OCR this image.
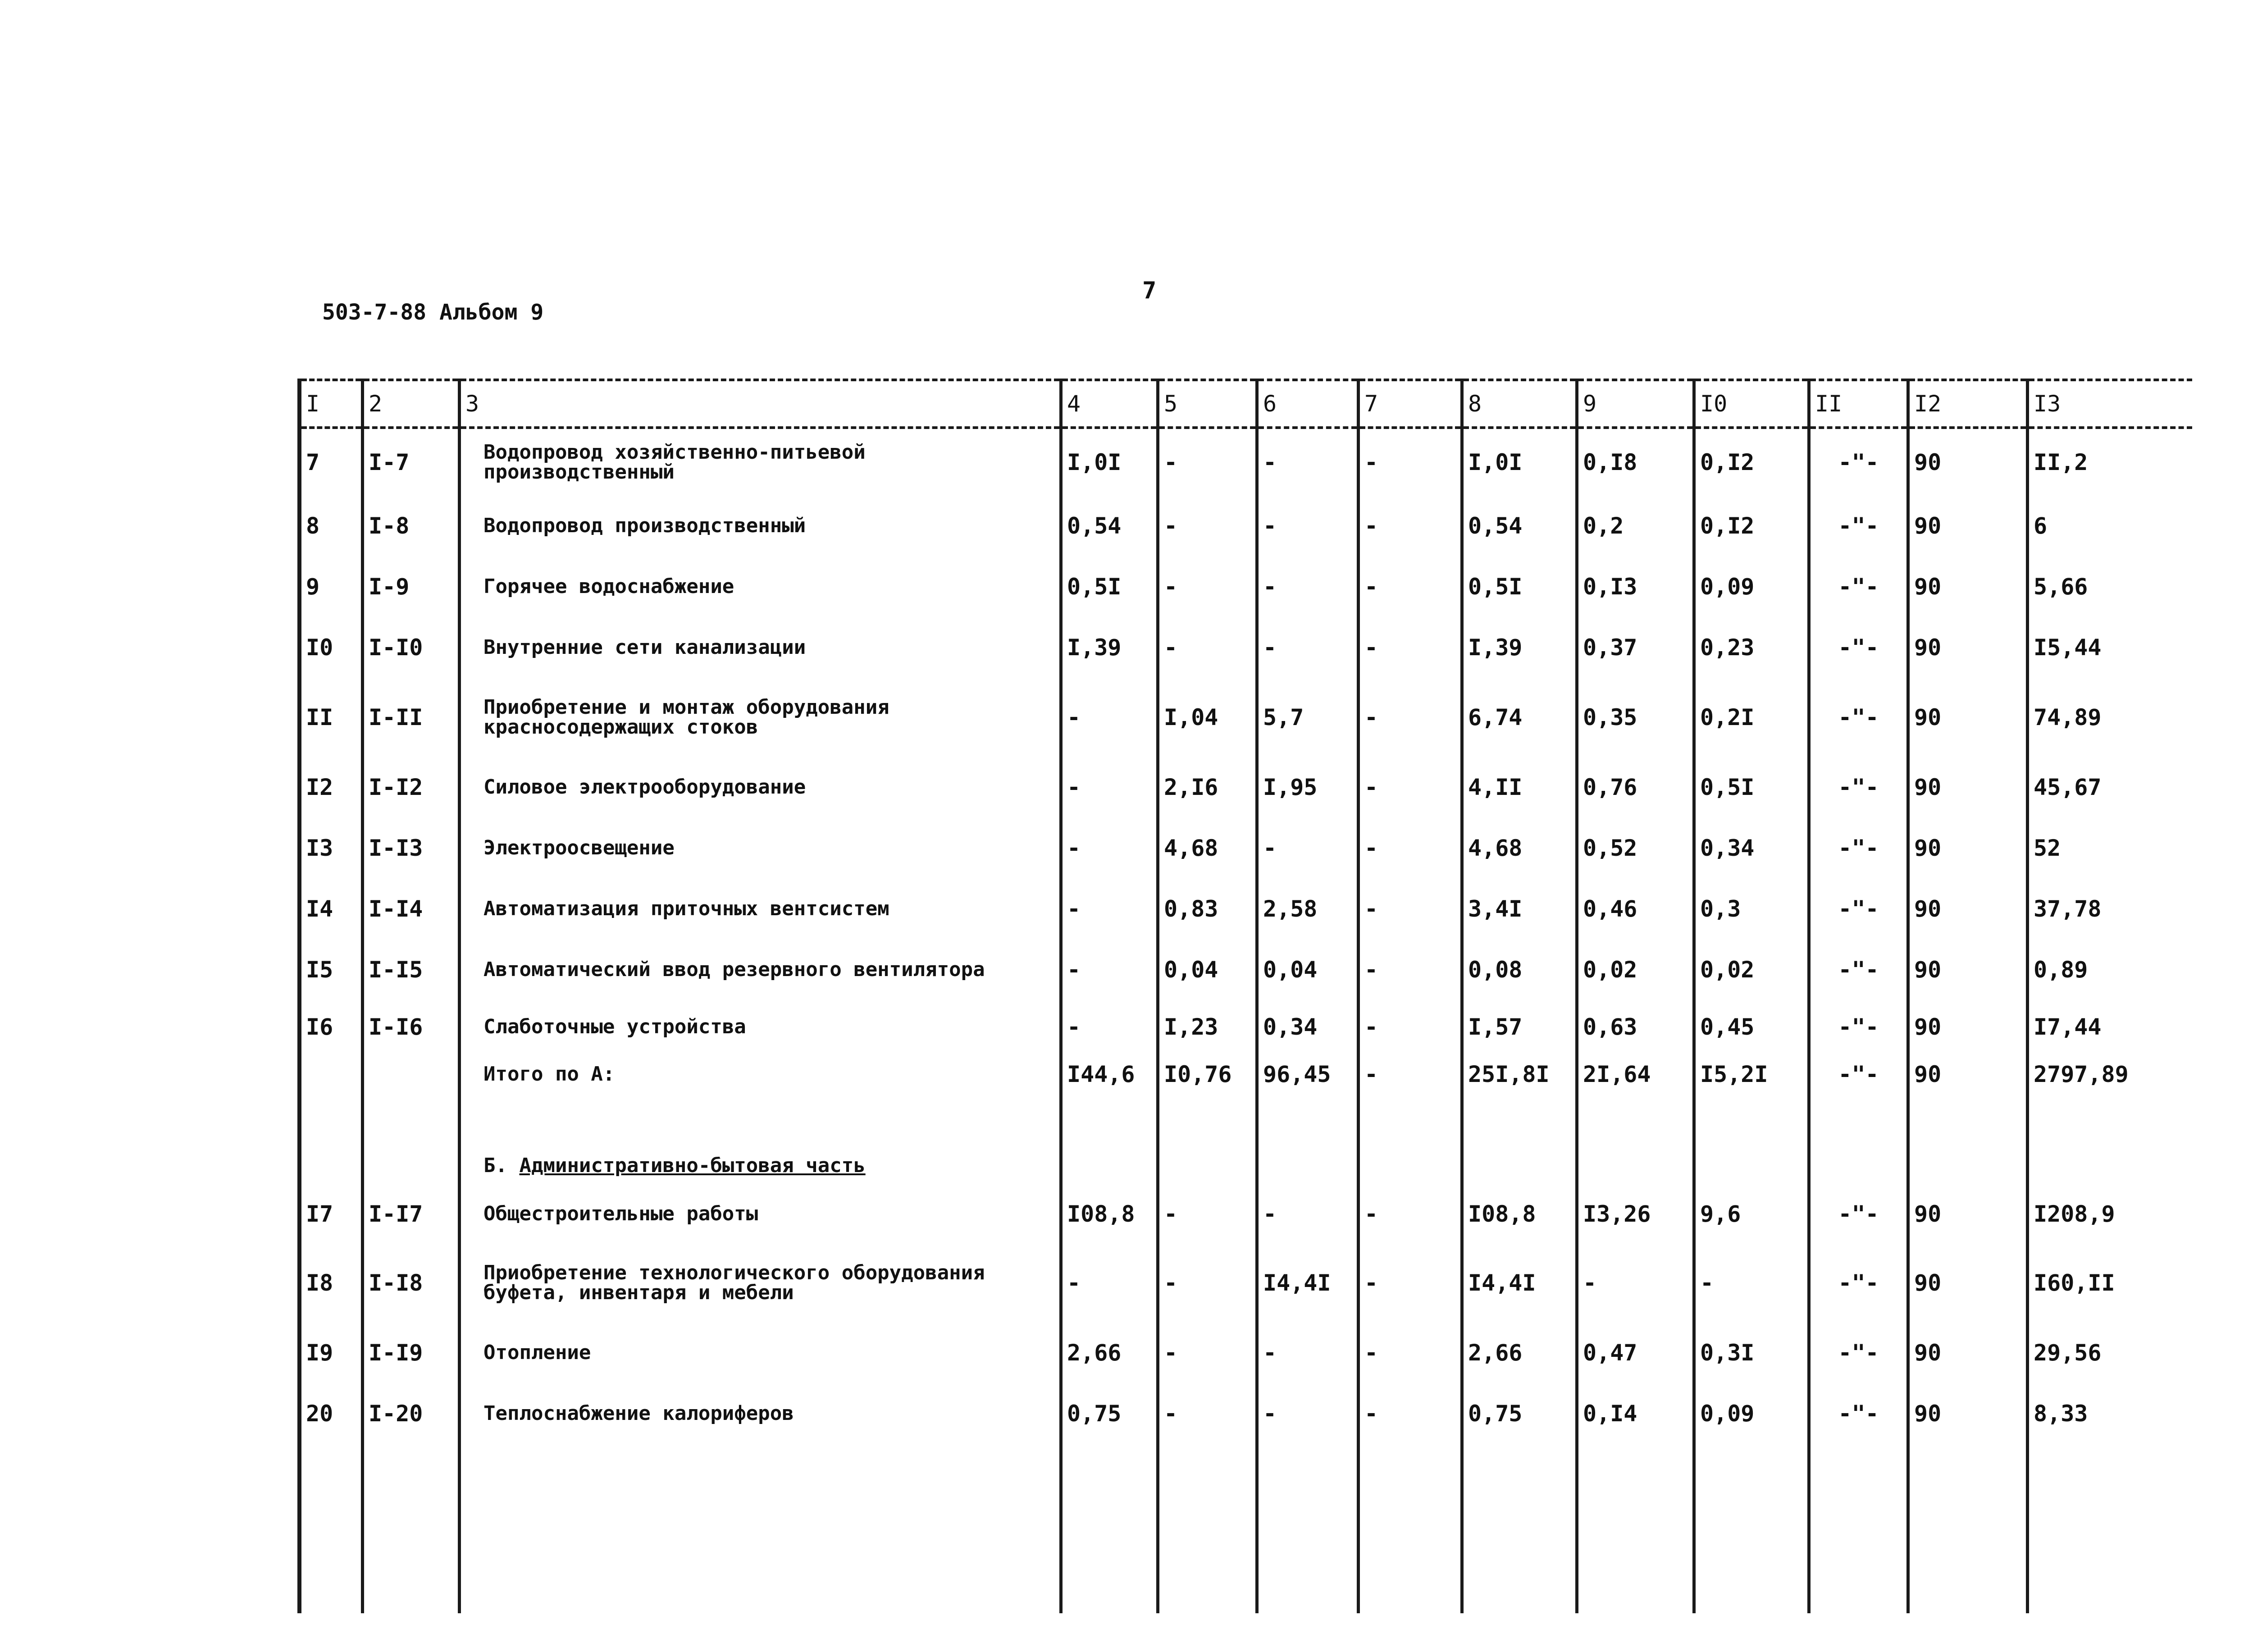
503-7-88 Альбом 9
7
I	2	3	4	5	6	7	8	9	I0	II	I2	I3
7	I-7	Водопровод хозяйственно-питьевой производственный	I,0I	-	-	-	I,0I	0,I8	0,I2	-"-	90	II,2
8	I-8	Водопровод производственный	0,54	-	-	-	0,54	0,2	0,I2	-"-	90	6
9	I-9	Горячее водоснабжение	0,5I	-	-	-	0,5I	0,I3	0,09	-"-	90	5,66
I0	I-I0	Внутренние сети канализации	I,39	-	-	-	I,39	0,37	0,23	-"-	90	I5,44
II	I-II	Приобретение и монтаж оборудования красносодержащих стоков	-	I,04	5,7	-	6,74	0,35	0,2I	-"-	90	74,89
I2	I-I2	Силовое электрооборудование	-	2,I6	I,95	-	4,II	0,76	0,5I	-"-	90	45,67
I3	I-I3	Электроосвещение	-	4,68	-	-	4,68	0,52	0,34	-"-	90	52
I4	I-I4	Автоматизация приточных вентсистем	-	0,83	2,58	-	3,4I	0,46	0,3	-"-	90	37,78
I5	I-I5	Автоматический ввод резервного вентилятора	-	0,04	0,04	-	0,08	0,02	0,02	-"-	90	0,89
I6	I-I6	Слаботочные устройства	-	I,23	0,34	-	I,57	0,63	0,45	-"-	90	I7,44
		Итого по А:	I44,6	I0,76	96,45	-	25I,8I	2I,64	I5,2I	-"-	90	2797,89
		Б. Административно-бытовая часть										
I7	I-I7	Общестроительные работы	I08,8	-	-	-	I08,8	I3,26	9,6	-"-	90	I208,9
I8	I-I8	Приобретение технологического оборудования буфета, инвентаря и мебели	-	-	I4,4I	-	I4,4I	-	-	-"-	90	I60,II
I9	I-I9	Отопление	2,66	-	-	-	2,66	0,47	0,3I	-"-	90	29,56
20	I-20	Теплоснабжение калориферов	0,75	-	-	-	0,75	0,I4	0,09	-"-	90	8,33
